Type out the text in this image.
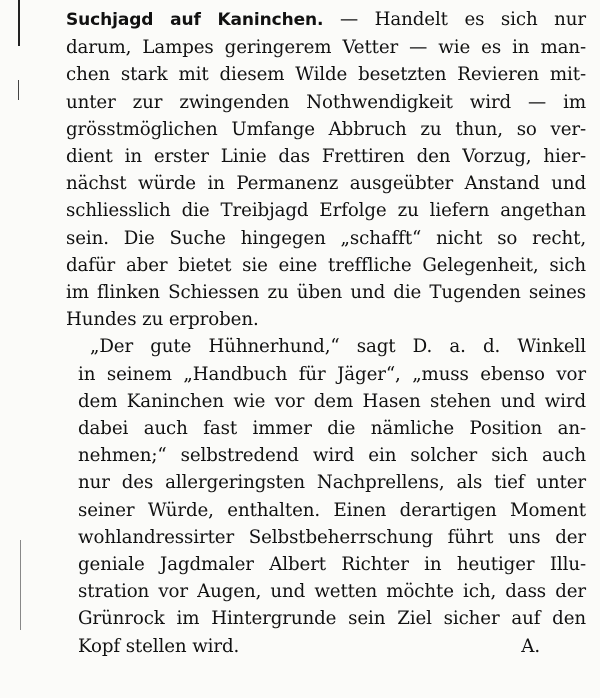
Suchjagd auf Kaninchen. — Handelt es sich nur
darum, Lampes geringerem Vetter — wie es in man-
chen stark mit diesem Wilde besetzten Revieren mit-
unter zur zwingenden Nothwendigkeit wird — im
grösstmöglichen Umfange Abbruch zu thun, so ver-
dient in erster Linie das Frettiren den Vorzug, hier-
nächst würde in Permanenz ausgeübter Anstand und
schliesslich die Treibjagd Erfolge zu liefern angethan
sein. Die Suche hingegen „schafft“ nicht so recht,
dafür aber bietet sie eine treffliche Gelegenheit, sich
im flinken Schiessen zu üben und die Tugenden seines
Hundes zu erproben.
„Der gute Hühnerhund,“ sagt D. a. d. Winkell
in seinem „Handbuch für Jäger“, „muss ebenso vor
dem Kaninchen wie vor dem Hasen stehen und wird
dabei auch fast immer die nämliche Position an-
nehmen;“ selbstredend wird ein solcher sich auch
nur des allergeringsten Nachprellens, als tief unter
seiner Würde, enthalten. Einen derartigen Moment
wohlandressirter Selbstbeherrschung führt uns der
geniale Jagdmaler Albert Richter in heutiger Illu-
stration vor Augen, und wetten möchte ich, dass der
Grünrock im Hintergrunde sein Ziel sicher auf den
Kopf stellen wird.	A.
